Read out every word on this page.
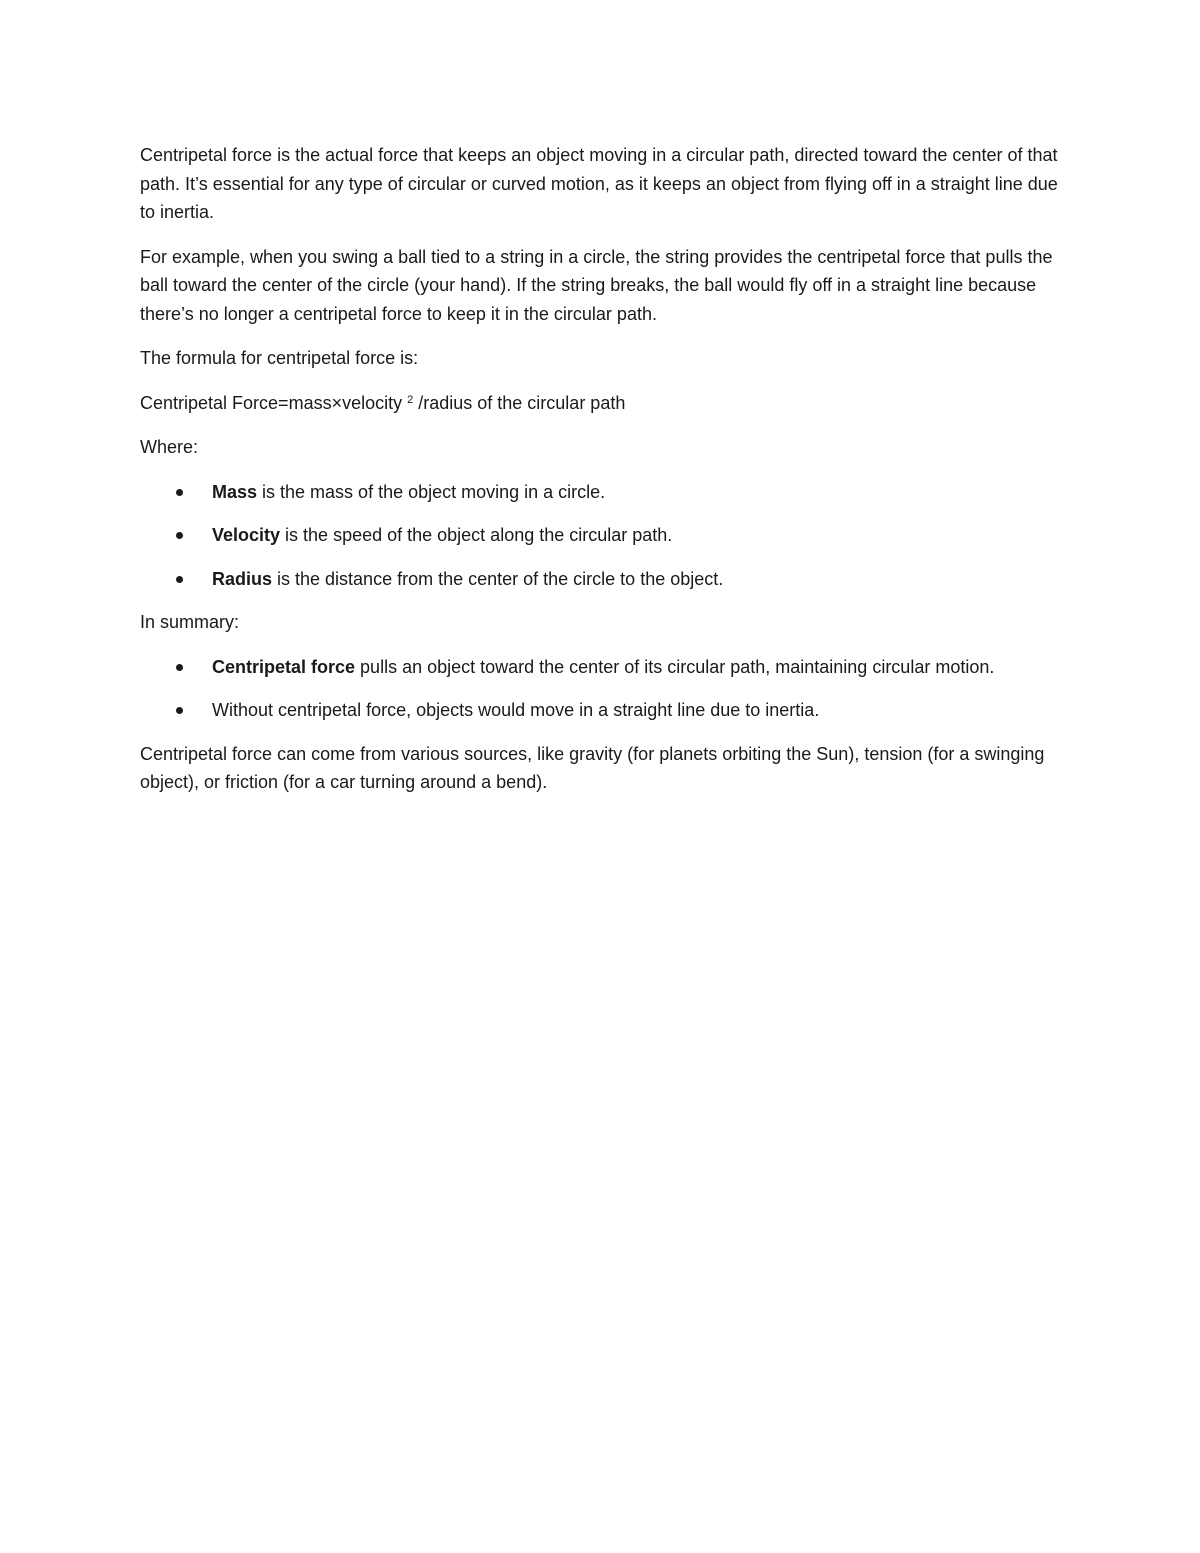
Centripetal force is the actual force that keeps an object moving in a circular path, directed toward the center of that path. It’s essential for any type of circular or curved motion, as it keeps an object from flying off in a straight line due to inertia.

For example, when you swing a ball tied to a string in a circle, the string provides the centripetal force that pulls the ball toward the center of the circle (your hand). If the string breaks, the ball would fly off in a straight line because there’s no longer a centripetal force to keep it in the circular path.

The formula for centripetal force is:

Centripetal Force=mass×velocity $^2$ /radius of the circular path

Where:

Mass is the mass of the object moving in a circle.
Velocity is the speed of the object along the circular path.
Radius is the distance from the center of the circle to the object.

In summary:

Centripetal force pulls an object toward the center of its circular path, maintaining circular motion.
Without centripetal force, objects would move in a straight line due to inertia.

Centripetal force can come from various sources, like gravity (for planets orbiting the Sun), tension (for a swinging object), or friction (for a car turning around a bend).
